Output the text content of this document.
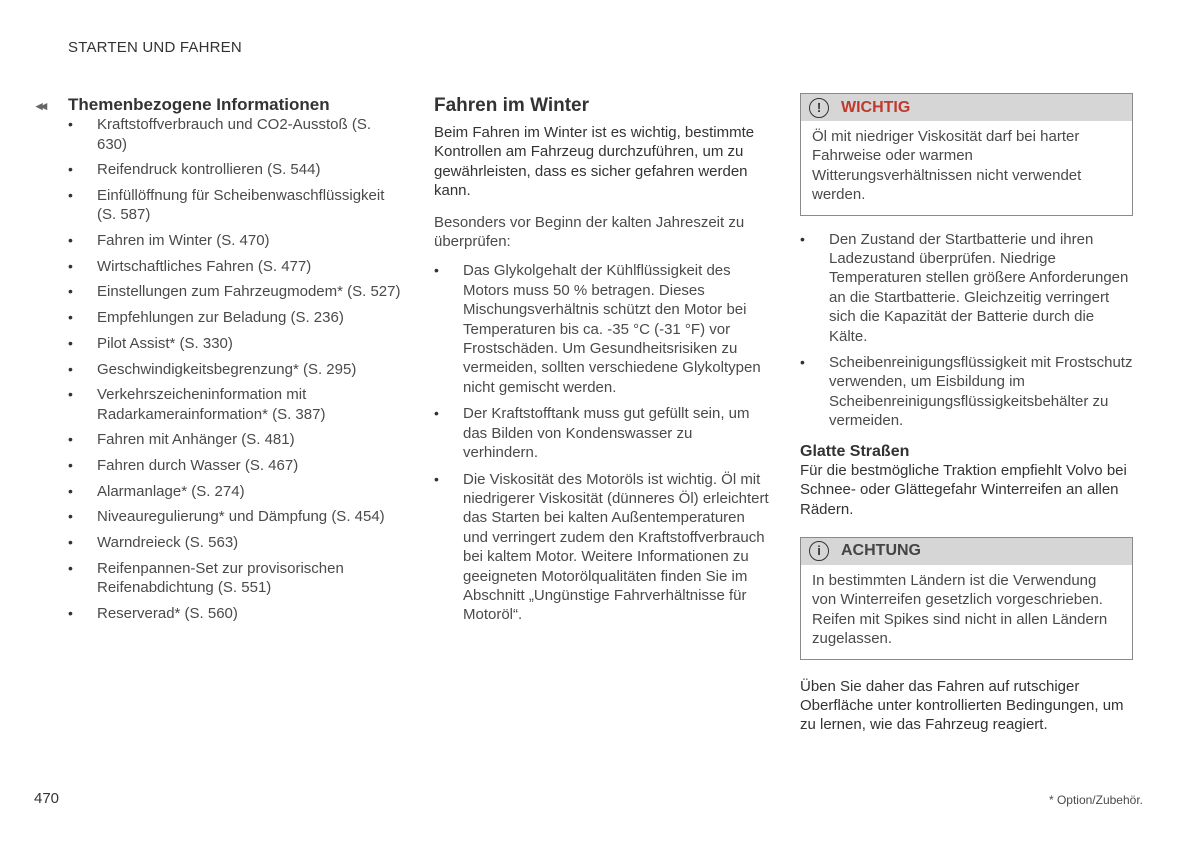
STARTEN UND FAHREN
◂◂	Themenbezogene Informationen
• Kraftstoffverbrauch und CO2-Ausstoß (S. 630)
• Reifendruck kontrollieren (S. 544)
• Einfüllöffnung für Scheibenwaschflüssigkeit (S. 587)
• Fahren im Winter (S. 470)
• Wirtschaftliches Fahren (S. 477)
• Einstellungen zum Fahrzeugmodem* (S. 527)
• Empfehlungen zur Beladung (S. 236)
• Pilot Assist* (S. 330)
• Geschwindigkeitsbegrenzung* (S. 295)
• Verkehrszeicheninformation mit Radarkamerainformation* (S. 387)
• Fahren mit Anhänger (S. 481)
• Fahren durch Wasser (S. 467)
• Alarmanlage* (S. 274)
• Niveauregulierung* und Dämpfung (S. 454)
• Warndreieck (S. 563)
• Reifenpannen-Set zur provisorischen Reifenabdichtung (S. 551)
• Reserverad* (S. 560)
Fahren im Winter

Beim Fahren im Winter ist es wichtig, bestimmte Kontrollen am Fahrzeug durchzuführen, um zu gewährleisten, dass es sicher gefahren werden kann.

Besonders vor Beginn der kalten Jahreszeit zu überprüfen:

• Das Glykolgehalt der Kühlflüssigkeit des Motors muss 50 % betragen. Dieses Mischungsverhältnis schützt den Motor bei Temperaturen bis ca. -35 °C (-31 °F) vor Frostschäden. Um Gesundheitsrisiken zu vermeiden, sollten verschiedene Glykoltypen nicht gemischt werden.
• Der Kraftstofftank muss gut gefüllt sein, um das Bilden von Kondenswasser zu verhindern.
• Die Viskosität des Motoröls ist wichtig. Öl mit niedrigerer Viskosität (dünneres Öl) erleichtert das Starten bei kalten Außentemperaturen und verringert zudem den Kraftstoffverbrauch bei kaltem Motor. Weitere Informationen zu geeigneten Motorölqualitäten finden Sie im Abschnitt „Ungünstige Fahrverhältnisse für Motoröl“.
!	WICHTIG
Öl mit niedriger Viskosität darf bei harter Fahrweise oder warmen Witterungsverhältnissen nicht verwendet werden.
• Den Zustand der Startbatterie und ihren Ladezustand überprüfen. Niedrige Temperaturen stellen größere Anforderungen an die Startbatterie. Gleichzeitig verringert sich die Kapazität der Batterie durch die Kälte.
• Scheibenreinigungsflüssigkeit mit Frostschutz verwenden, um Eisbildung im Scheibenreinigungsflüssigkeitsbehälter zu vermeiden.
Glatte Straßen

Für die bestmögliche Traktion empfiehlt Volvo bei Schnee- oder Glättegefahr Winterreifen an allen Rädern.

i	ACHTUNG
In bestimmten Ländern ist die Verwendung von Winterreifen gesetzlich vorgeschrieben. Reifen mit Spikes sind nicht in allen Ländern zugelassen.

Üben Sie daher das Fahren auf rutschiger Oberfläche unter kontrollierten Bedingungen, um zu lernen, wie das Fahrzeug reagiert.

470	* Option/Zubehör.
